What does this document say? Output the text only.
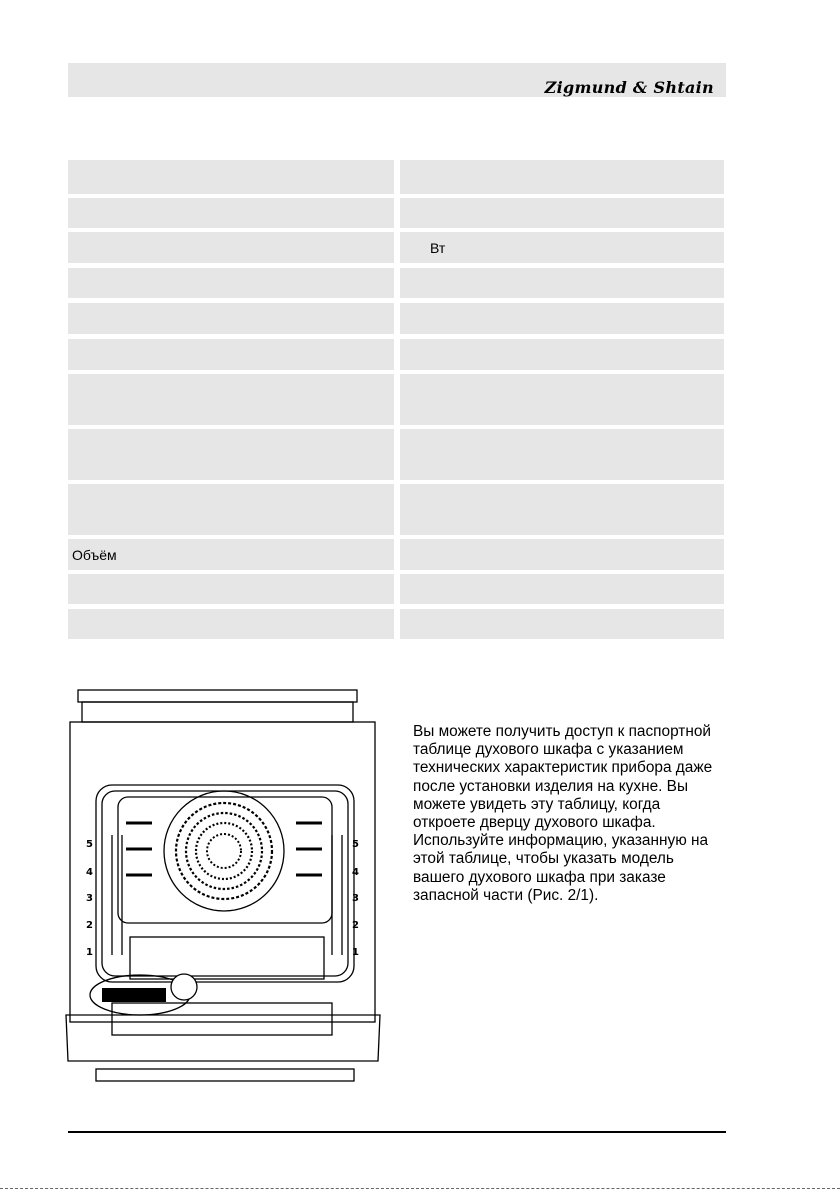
Zigmund & Shtain
Вт
Объём
5
4
3
2
1
5
4
3
2
1
Вы можете получить доступ к паспортной таблице духового шкафа с указанием технических характеристик прибора даже после установки изделия на кухне. Вы можете увидеть эту таблицу, когда откроете дверцу духового шкафа. Используйте информацию, указанную на этой таблице, чтобы указать модель вашего духового шкафа при заказе запасной части (Рис. 2/1).
